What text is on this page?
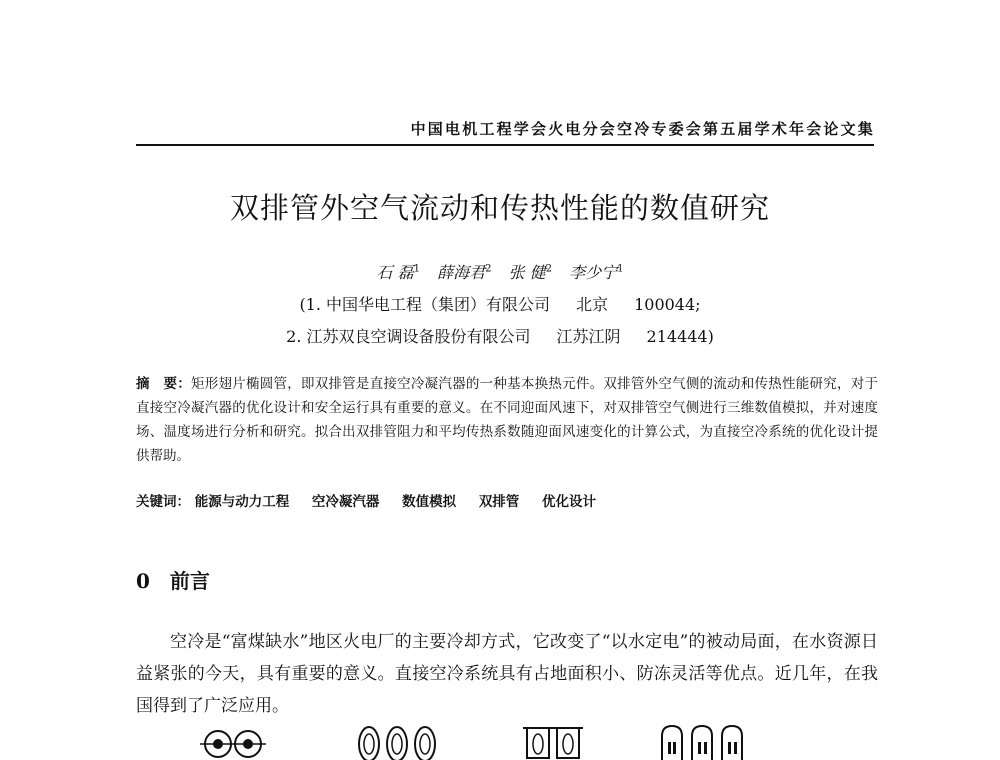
中国电机工程学会火电分会空冷专委会第五届学术年会论文集
双排管外空气流动和传热性能的数值研究
石 磊$^1$ 薛海君$^2$ 张 健$^2$ 李少宁$^1$
(1. 中国华电工程（集团）有限公司 北京 100044;
2. 江苏双良空调设备股份有限公司 江苏江阴 214444)
摘　要：矩形翅片椭圆管，即双排管是直接空冷凝汽器的一种基本换热元件。双排管外空气侧的流动和传热性能研究，对于直接空冷凝汽器的优化设计和安全运行具有重要的意义。在不同迎面风速下，对双排管空气侧进行三维数值模拟，并对速度场、温度场进行分析和研究。拟合出双排管阻力和平均传热系数随迎面风速变化的计算公式，为直接空冷系统的优化设计提供帮助。
关键词： 能源与动力工程 空冷凝汽器 数值模拟 双排管 优化设计
0 前言
空冷是“富煤缺水”地区火电厂的主要冷却方式，它改变了“以水定电”的被动局面，在水资源日益紧张的今天，具有重要的意义。直接空冷系统具有占地面积小、防冻灵活等优点。近几年，在我国得到了广泛应用。
